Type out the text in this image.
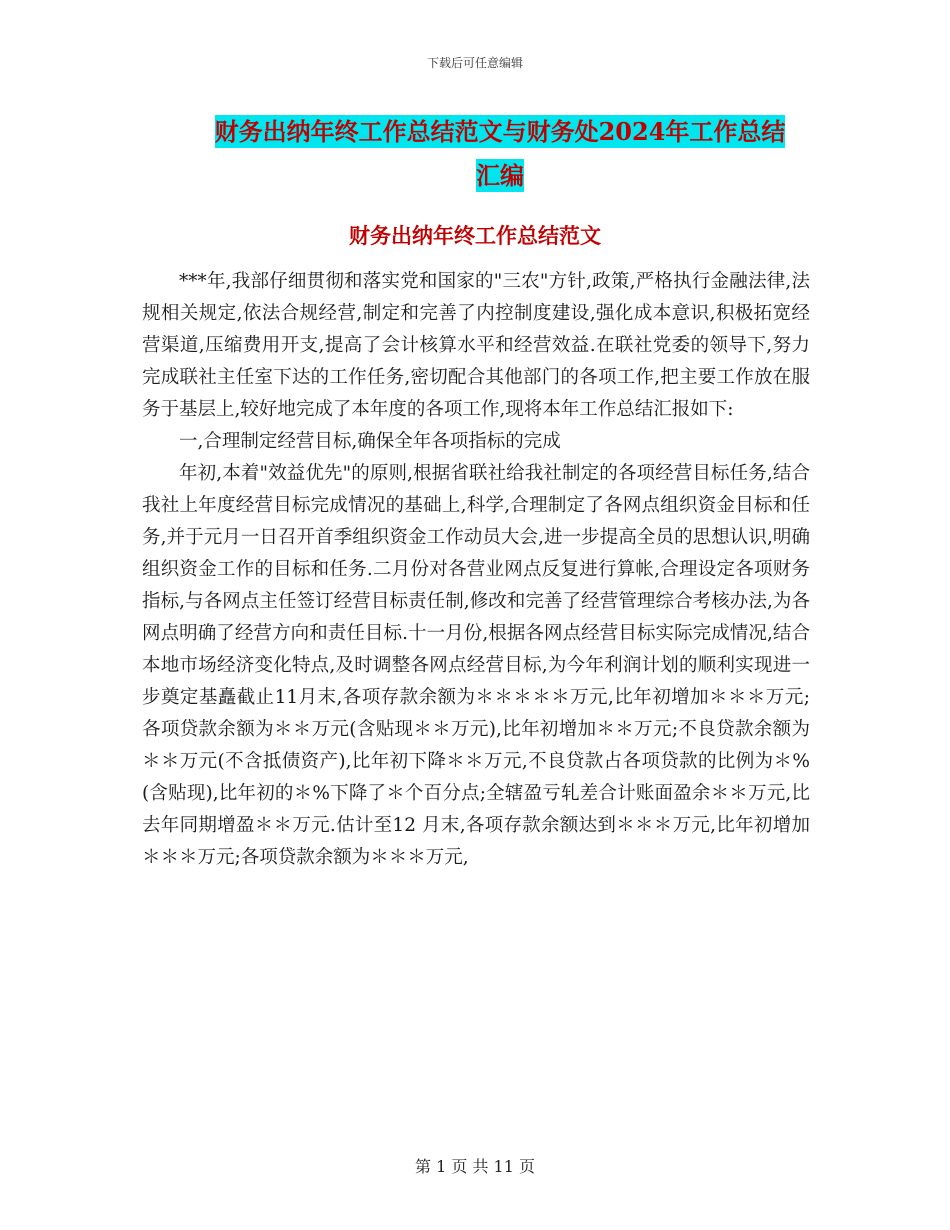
下载后可任意编辑
财务出纳年终工作总结范文与财务处2024年工作总结
汇编
财务出纳年终工作总结范文

***年,我部仔细贯彻和落实党和国家的"三农"方针,政策,严格执行金融法律,法规相关规定,依法合规经营,制定和完善了内控制度建设,强化成本意识,积极拓宽经营渠道,压缩费用开支,提高了会计核算水平和经营效益.在联社党委的领导下,努力完成联社主任室下达的工作任务,密切配合其他部门的各项工作,把主要工作放在服务于基层上,较好地完成了本年度的各项工作,现将本年工作总结汇报如下:

一,合理制定经营目标,确保全年各项指标的完成

年初,本着"效益优先"的原则,根据省联社给我社制定的各项经营目标任务,结合我社上年度经营目标完成情况的基础上,科学,合理制定了各网点组织资金目标和任务,并于元月一日召开首季组织资金工作动员大会,进一步提高全员的思想认识,明确组织资金工作的目标和任务.二月份对各营业网点反复进行算帐,合理设定各项财务指标,与各网点主任签订经营目标责任制,修改和完善了经营管理综合考核办法,为各网点明确了经营方向和责任目标.十一月份,根据各网点经营目标实际完成情况,结合本地市场经济变化特点,及时调整各网点经营目标,为今年利润计划的顺利实现进一步奠定基矗截止11月末,各项存款余额为＊＊＊＊＊万元,比年初增加＊＊＊万元;各项贷款余额为＊＊万元(含贴现＊＊万元),比年初增加＊＊万元;不良贷款余额为＊＊万元(不含抵债资产),比年初下降＊＊万元,不良贷款占各项贷款的比例为＊%(含贴现),比年初的＊%下降了＊个百分点;全辖盈亏轧差合计账面盈余＊＊万元,比去年同期增盈＊＊万元.估计至12 月末,各项存款余额达到＊＊＊万元,比年初增加＊＊＊万元;各项贷款余额为＊＊＊万元,

第 1 页 共 11 页
